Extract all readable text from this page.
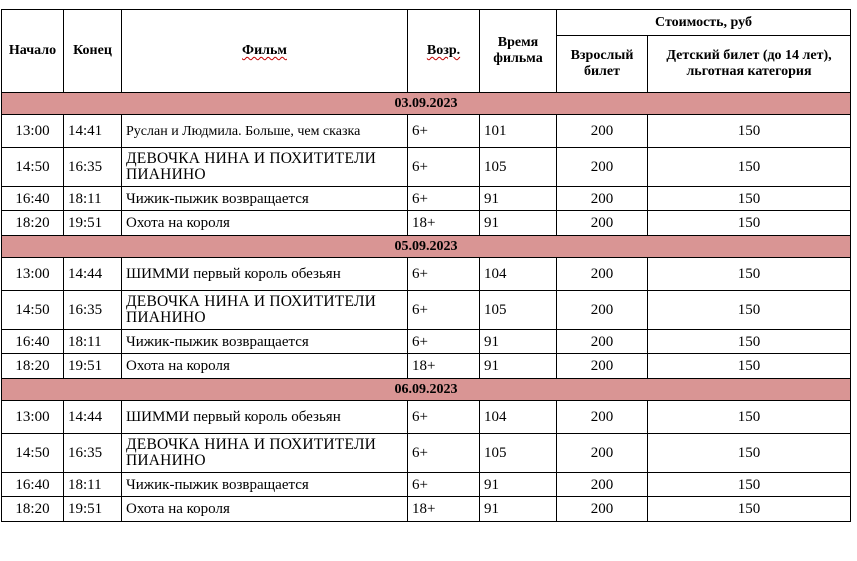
Начало	Конец	Фильм	Возр.	Время фильма	Стоимость, руб	
					Взрослый билет	Детский билет (до 14 лет), льготная категория
03.09.2023						
13:00	14:41	Руслан и Людмила. Больше, чем сказка	6+	101	200	150
14:50	16:35	ДЕВОЧКА НИНА И ПОХИТИТЕЛИ ПИАНИНО	6+	105	200	150
16:40	18:11	Чижик-пыжик возвращается	6+	91	200	150
18:20	19:51	Охота на короля	18+	91	200	150
05.09.2023						
13:00	14:44	ШИММИ первый король обезьян	6+	104	200	150
14:50	16:35	ДЕВОЧКА НИНА И ПОХИТИТЕЛИ ПИАНИНО	6+	105	200	150
16:40	18:11	Чижик-пыжик возвращается	6+	91	200	150
18:20	19:51	Охота на короля	18+	91	200	150
06.09.2023						
13:00	14:44	ШИММИ первый король обезьян	6+	104	200	150
14:50	16:35	ДЕВОЧКА НИНА И ПОХИТИТЕЛИ ПИАНИНО	6+	105	200	150
16:40	18:11	Чижик-пыжик возвращается	6+	91	200	150
18:20	19:51	Охота на короля	18+	91	200	150
